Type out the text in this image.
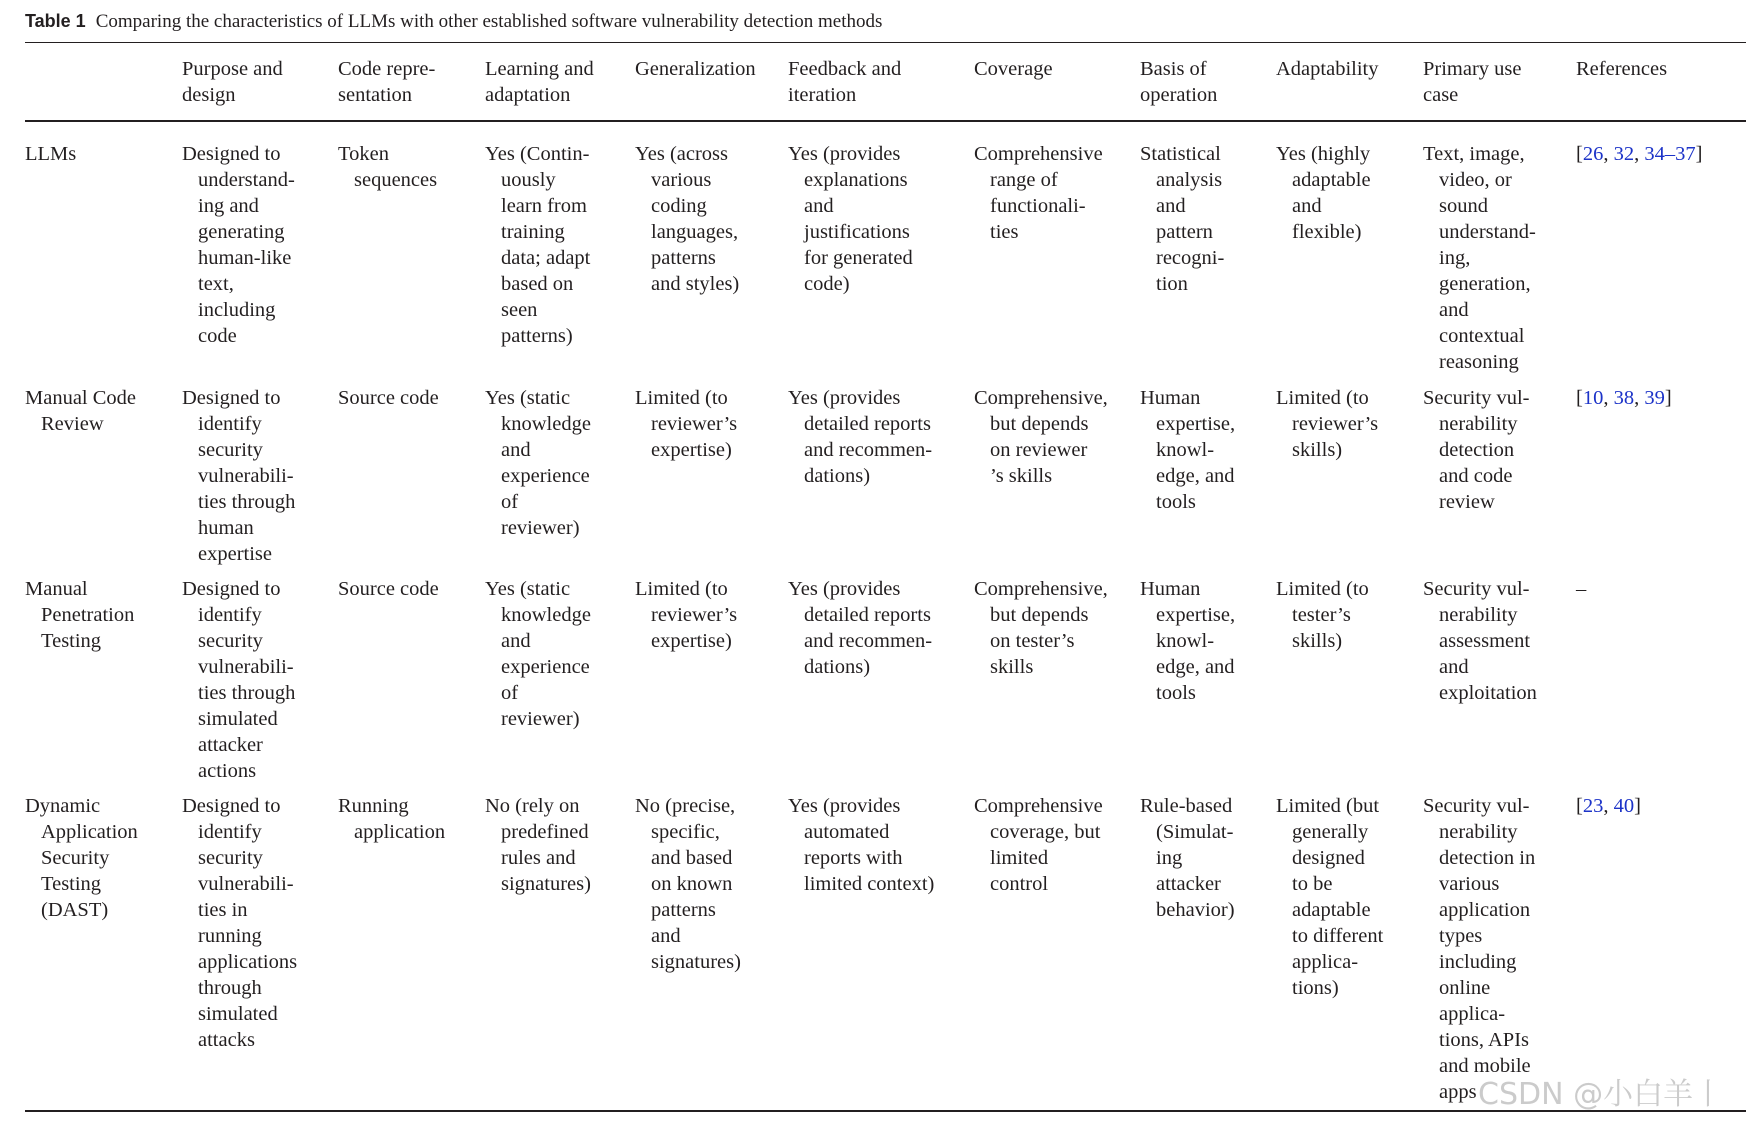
Table 1 Comparing the characteristics of LLMs with other established software vulnerability detection methods
Purpose and
design
Code repre-
sentation
Learning and
adaptation
Generalization Feedback and
iteration
Coverage	Basis of
operation
Adaptability Primary use
case
References
LLMs	Designed to
understand-
ing and
generating
human-like
text,
including
code
Token
sequences
Yes (Contin-
uously
learn from
training
data; adapt
based on
seen
patterns)
Yes (across
various
coding
languages,
patterns
and styles)
Yes (provides
explanations
and
justifications
for generated
code)
Comprehensive
range of
functionali-
ties
Statistical
analysis
and
pattern
recogni-
tion
Yes (highly
adaptable
and
flexible)
Text, image,
video, or
sound
understand-
ing,
generation,
and
contextual
reasoning
[26, 32, 34–37]
Manual Code
Review
Designed to
identify
security
vulnerabili-
ties through
human
expertise
Source code Yes (static
knowledge
and
experience
of
reviewer)
Limited (to
reviewer’s
expertise)
Yes (provides
detailed reports
and recommen-
dations)
Comprehensive,
but depends
on reviewer
’s skills
Human
expertise,
knowl-
edge, and
tools
Limited (to
reviewer’s
skills)
Security vul-
nerability
detection
and code
review
[10, 38, 39]
Manual
Penetration
Testing
Designed to
identify
security
vulnerabili-
ties through
simulated
attacker
actions
Source code Yes (static
knowledge
and
experience
of
reviewer)
Limited (to
reviewer’s
expertise)
Yes (provides
detailed reports
and recommen-
dations)
Comprehensive,
but depends
on tester’s
skills
Human
expertise,
knowl-
edge, and
tools
Limited (to
tester’s
skills)
Security vul-
nerability
assessment
and
exploitation
–
Dynamic
Application
Security
Testing
(DAST)
Designed to
identify
security
vulnerabili-
ties in
running
applications
through
simulated
attacks
Running
application
No (rely on
predefined
rules and
signatures)
No (precise,
specific,
and based
on known
patterns
and
signatures)
Yes (provides
automated
reports with
limited context)
Comprehensive
coverage, but
limited
control
Rule-based
(Simulat-
ing
attacker
behavior)
Limited (but
generally
designed
to be
adaptable
to different
applica-
tions)
Security vul-
nerability
detection in
various
application
types
including
online
applica-
tions, APIs
and mobile
apps
[23, 40]
CSDN @小白羊丨
